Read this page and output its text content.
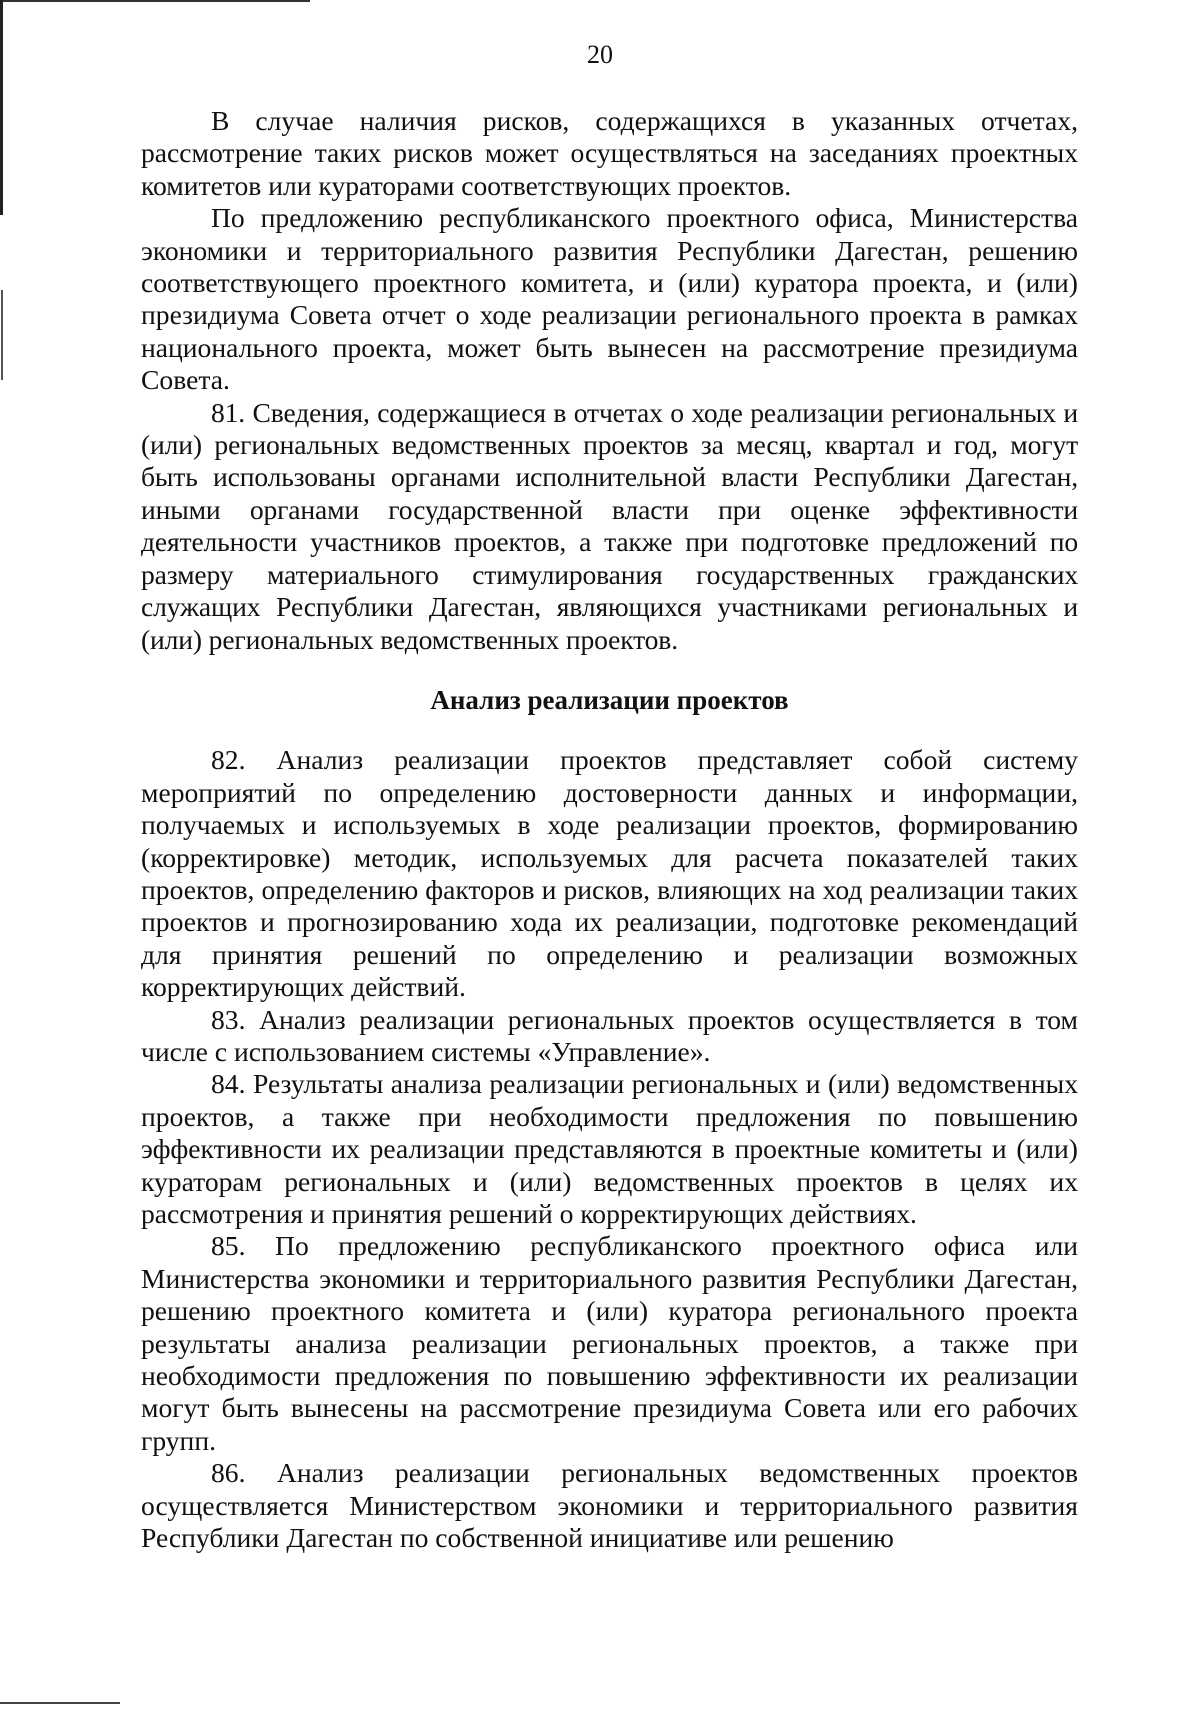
20

В случае наличия рисков, содержащихся в указанных отчетах, рассмотрение таких рисков может осуществляться на заседаниях проектных комитетов или кураторами соответствующих проектов.

По предложению республиканского проектного офиса, Министерства экономики и территориального развития Республики Дагестан, решению соответствующего проектного комитета, и (или) куратора проекта, и (или) президиума Совета отчет о ходе реализации регионального проекта в рамках национального проекта, может быть вынесен на рассмотрение президиума Совета.

81. Сведения, содержащиеся в отчетах о ходе реализации региональных и (или) региональных ведомственных проектов за месяц, квартал и год, могут быть использованы органами исполнительной власти Республики Дагестан, иными органами государственной власти при оценке эффективности деятельности участников проектов, а также при подготовке предложений по размеру материального стимулирования государственных гражданских служащих Республики Дагестан, являющихся участниками региональных и (или) региональных ведомственных проектов.

Анализ реализации проектов

82. Анализ реализации проектов представляет собой систему мероприятий по определению достоверности данных и информации, получаемых и используемых в ходе реализации проектов, формированию (корректировке) методик, используемых для расчета показателей таких проектов, определению факторов и рисков, влияющих на ход реализации таких проектов и прогнозированию хода их реализации, подготовке рекомендаций для принятия решений по определению и реализации возможных корректирующих действий.

83. Анализ реализации региональных проектов осуществляется в том числе с использованием системы «Управление».

84. Результаты анализа реализации региональных и (или) ведомственных проектов, а также при необходимости предложения по повышению эффективности их реализации представляются в проектные комитеты и (или) кураторам региональных и (или) ведомственных проектов в целях их рассмотрения и принятия решений о корректирующих действиях.

85. По предложению республиканского проектного офиса или Министерства экономики и территориального развития Республики Дагестан, решению проектного комитета и (или) куратора регионального проекта результаты анализа реализации региональных проектов, а также при необходимости предложения по повышению эффективности их реализации могут быть вынесены на рассмотрение президиума Совета или его рабочих групп.

86. Анализ реализации региональных ведомственных проектов осуществляется Министерством экономики и территориального развития Республики Дагестан по собственной инициативе или решению
